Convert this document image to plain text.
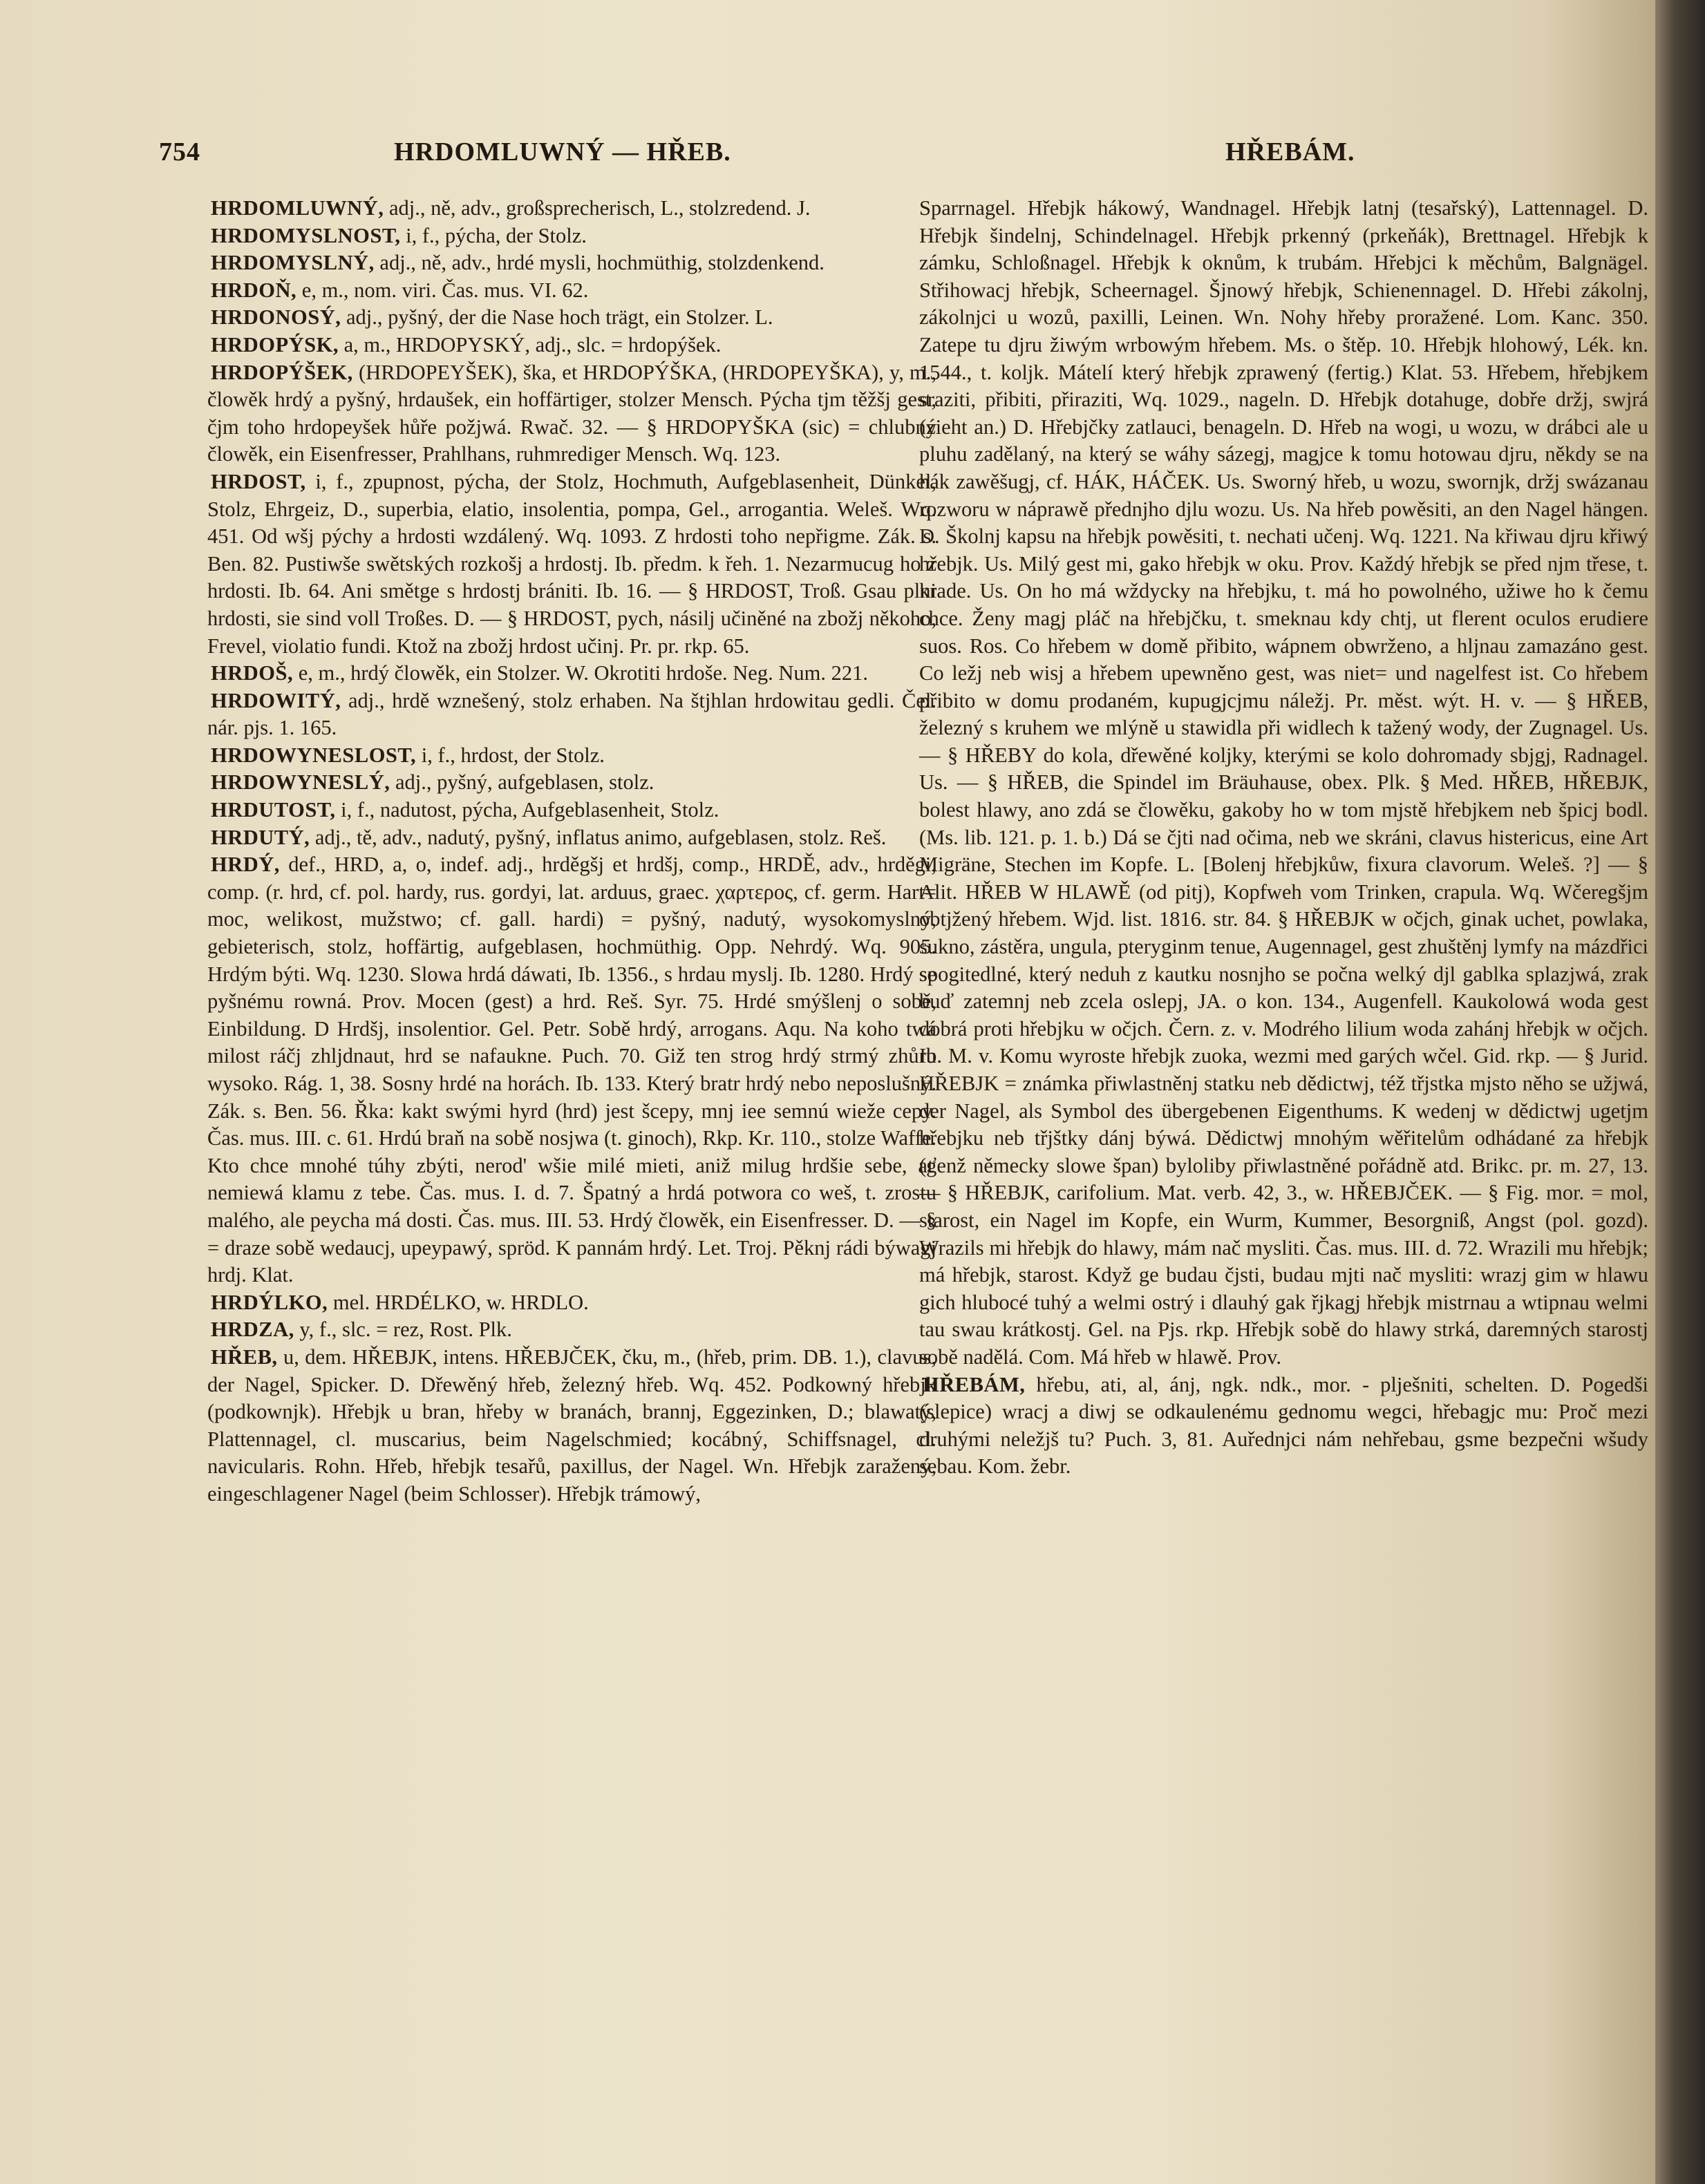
754	HRDOMLUWNÝ — HŘEB.	HŘEBÁM.
HRDOMLUWNÝ, adj., ně, adv., großsprecherisch, L., stolzredend. J.
HRDOMYSLNOST, i, f., pýcha, der Stolz.
HRDOMYSLNÝ, adj., ně, adv., hrdé mysli, hochmüthig, stolzdenkend.
HRDOŇ, e, m., nom. viri. Čas. mus. VI. 62.
HRDONOSÝ, adj., pyšný, der die Nase hoch trägt, ein Stolzer. L.
HRDOPÝSK, a, m., HRDOPYSKÝ, adj., slc. = hrdopýšek.
HRDOPÝŠEK, (HRDOPEYŠEK), ška, et HRDOPÝŠKA, (HRDOPEYŠKA), y, m., člowěk hrdý a pyšný, hrdaušek, ein hoffärtiger, stolzer Mensch. Pýcha tjm těžšj gest, čjm toho hrdopeyšek hůře požjwá. Rwač. 32. — § HRDOPYŠKA (sic) = chlubný člowěk, ein Eisenfresser, Prahlhans, ruhmrediger Mensch. Wq. 123.
HRDOST, i, f., zpupnost, pýcha, der Stolz, Hochmuth, Aufgeblasenheit, Dünkel, Stolz, Ehrgeiz, D., superbia, elatio, insolentia, pompa, Gel., arrogantia. Weleš. Wq. 451. Od wšj pýchy a hrdosti wzdálený. Wq. 1093. Z hrdosti toho nepřigme. Zák. s. Ben. 82. Pustiwše swětských rozkošj a hrdostj. Ib. předm. k řeh. 1. Nezarmucug ho z hrdosti. Ib. 64. Ani smětge s hrdostj brániti. Ib. 16. — § HRDOST, Troß. Gsau plni hrdosti, sie sind voll Troßes. D. — § HRDOST, pych, násilj učiněné na zbožj někoho, Frevel, violatio fundi. Ktož na zbožj hrdost učinj. Pr. pr. rkp. 65.
HRDOŠ, e, m., hrdý člowěk, ein Stolzer. W. Okrotiti hrdoše. Neg. Num. 221.
HRDOWITÝ, adj., hrdě wznešený, stolz erhaben. Na štjhlan hrdowitau gedli. Čel. nár. pjs. 1. 165.
HRDOWYNESLOST, i, f., hrdost, der Stolz.
HRDOWYNESLÝ, adj., pyšný, aufgeblasen, stolz.
HRDUTOST, i, f., nadutost, pýcha, Aufgeblasenheit, Stolz.
HRDUTÝ, adj., tě, adv., nadutý, pyšný, inflatus animo, aufgeblasen, stolz. Reš.
HRDÝ, def., HRD, a, o, indef. adj., hrděgšj et hrdšj, comp., HRDĚ, adv., hrděgi, comp. (r. hrd, cf. pol. hardy, rus. gordyi, lat. arduus, graec. χαρτερος, cf. germ. Hart= moc, welikost, mužstwo; cf. gall. hardi) = pyšný, nadutý, wysokomyslný, gebieterisch, stolz, hoffärtig, aufgeblasen, hochmüthig. Opp. Nehrdý. Wq. 905. Hrdým býti. Wq. 1230. Slowa hrdá dáwati, Ib. 1356., s hrdau myslj. Ib. 1280. Hrdý se pyšnému rowná. Prov. Mocen (gest) a hrd. Reš. Syr. 75. Hrdé smýšlenj o sobě, Einbildung. D Hrdšj, insolentior. Gel. Petr. Sobě hrdý, arrogans. Aqu. Na koho twá milost ráčj zhljdnaut, hrd se nafaukne. Puch. 70. Giž ten strog hrdý strmý zhůru wysoko. Rág. 1, 38. Sosny hrdé na horách. Ib. 133. Který bratr hrdý nebo neposlušný. Zák. s. Ben. 56. Řka: kakt swými hyrd (hrd) jest šcepy, mnj iee semnú wieže cepy. Čas. mus. III. c. 61. Hrdú braň na sobě nosjwa (t. ginoch), Rkp. Kr. 110., stolze Waffe. Kto chce mnohé túhy zbýti, nerod' wšie milé mieti, aniž milug hrdšie sebe, ať nemiewá klamu z tebe. Čas. mus. I. d. 7. Špatný a hrdá potwora co weš, t. zrostu malého, ale peycha má dosti. Čas. mus. III. 53. Hrdý člowěk, ein Eisenfresser. D. — § = draze sobě wedaucj, upeypawý, spröd. K pannám hrdý. Let. Troj. Pěknj rádi býwagj hrdj. Klat.
HRDÝLKO, mel. HRDÉLKO, w. HRDLO.
HRDZA, y, f., slc. = rez, Rost. Plk.
HŘEB, u, dem. HŘEBJK, intens. HŘEBJČEK, čku, m., (hřeb, prim. DB. 1.), clavus, der Nagel, Spicker. D. Dřewěný hřeb, železný hřeb. Wq. 452. Podkowný hřebjk (podkownjk). Hřebjk u bran, hřeby w branách, brannj, Eggezinken, D.; blawatý, Plattennagel, cl. muscarius, beim Nagelschmied; kocábný, Schiffsnagel, cl. navicularis. Rohn. Hřeb, hřebjk tesařů, paxillus, der Nagel. Wn. Hřebjk zaražený, eingeschlagener Nagel (beim Schlosser). Hřebjk trámowý,
Sparrnagel. Hřebjk hákowý, Wandnagel. Hřebjk latnj (tesařský), Lattennagel. D. Hřebjk šindelnj, Schindelnagel. Hřebjk prkenný (prkeňák), Brettnagel. Hřebjk k zámku, Schloßnagel. Hřebjk k oknům, k trubám. Hřebjci k měchům, Balgnägel. Střihowacj hřebjk, Scheernagel. Šjnowý hřebjk, Schienennagel. D. Hřebi zákolnj, zákolnjci u wozů, paxilli, Leinen. Wn. Nohy hřeby proražené. Lom. Kanc. 350. Zatepe tu djru žiwým wrbowým hřebem. Ms. o štěp. 10. Hřebjk hlohowý, Lék. kn. 1544., t. koljk. Mátelí který hřebjk zprawený (fertig.) Klat. 53. Hřebem, hřebjkem sraziti, přibiti, přiraziti, Wq. 1029., nageln. D. Hřebjk dotahuge, dobře držj, swjrá (zieht an.) D. Hřebjčky zatlauci, benageln. D. Hřeb na wogi, u wozu, w drábci ale u pluhu zadělaný, na který se wáhy sázegj, magjce k tomu hotowau djru, někdy se na hák zawěšugj, cf. HÁK, HÁČEK. Us. Sworný hřeb, u wozu, swornjk, držj swázanau rozworu w náprawě přednjho djlu wozu. Us. Na hřeb powěsiti, an den Nagel hängen. D. Školnj kapsu na hřebjk powěsiti, t. nechati učenj. Wq. 1221. Na křiwau djru křiwý hřebjk. Us. Milý gest mi, gako hřebjk w oku. Prov. Každý hřebjk se před njm třese, t. krade. Us. On ho má wždycky na hřebjku, t. má ho powolného, užiwe ho k čemu chce. Ženy magj pláč na hřebjčku, t. smeknau kdy chtj, ut flerent oculos erudiere suos. Ros. Co hřebem w domě přibito, wápnem obwrženo, a hljnau zamazáno gest. Co ležj neb wisj a hřebem upewněno gest, was niet= und nagelfest ist. Co hřebem přibito w domu prodaném, kupugjcjmu náležj. Pr. měst. wýt. H. v. — § HŘEB, železný s kruhem we mlýně u stawidla při widlech k tažený wody, der Zugnagel. Us. — § HŘEBY do kola, dřewěné koljky, kterými se kolo dohromady sbjgj, Radnagel. Us. — § HŘEB, die Spindel im Bräuhause, obex. Plk. § Med. HŘEB, HŘEBJK, bolest hlawy, ano zdá se člowěku, gakoby ho w tom mjstě hřebjkem neb špicj bodl. (Ms. lib. 121. p. 1. b.) Dá se čjti nad očima, neb we skráni, clavus histericus, eine Art Migräne, Stechen im Kopfe. L. [Bolenj hřebjkůw, fixura clavorum. Weleš. ?] — § Alit. HŘEB W HLAWĚ (od pitj), Kopfweh vom Trinken, crapula. Wq. Wčeregšjm obtjžený hřebem. Wjd. list. 1816. str. 84. § HŘEBJK w očjch, ginak uchet, powlaka, sukno, zástěra, ungula, pteryginm tenue, Augennagel, gest zhuštěnj lymfy na mázdřici spogitedlné, který neduh z kautku nosnjho se počna welký djl gablka splazjwá, zrak buď zatemnj neb zcela oslepj, JA. o kon. 134., Augenfell. Kaukolowá woda gest dobrá proti hřebjku w očjch. Čern. z. v. Modrého lilium woda zahánj hřebjk w očjch. Ib. M. v. Komu wyroste hřebjk zuoka, wezmi med garých wčel. Gid. rkp. — § Jurid. HŘEBJK = známka přiwlastněnj statku neb dědictwj, též třjstka mjsto něho se užjwá, der Nagel, als Symbol des übergebenen Eigenthums. K wedenj w dědictwj ugetjm hřebjku neb třjštky dánj býwá. Dědictwj mnohým wěřitelům odhádané za hřebjk (genž německy slowe špan) byloliby přiwlastněné pořádně atd. Brikc. pr. m. 27, 13. — § HŘEBJK, carifolium. Mat. verb. 42, 3., w. HŘEBJČEK. — § Fig. mor. = mol, starost, ein Nagel im Kopfe, ein Wurm, Kummer, Besorgniß, Angst (pol. gozd). Wrazils mi hřebjk do hlawy, mám nač mysliti. Čas. mus. III. d. 72. Wrazili mu hřebjk; má hřebjk, starost. Když ge budau čjsti, budau mjti nač mysliti: wrazj gim w hlawu gich hlubocé tuhý a welmi ostrý i dlauhý gak řjkagj hřebjk mistrnau a wtipnau welmi tau swau krátkostj. Gel. na Pjs. rkp. Hřebjk sobě do hlawy strká, daremných starostj sobě nadělá. Com. Má hřeb w hlawě. Prov.
HŘEBÁM, hřebu, ati, al, ánj, ngk. ndk., mor. - plješniti, schelten. D. Pogedši (slepice) wracj a diwj se odkaulenému gednomu wegci, hřebagjc mu: Proč mezi druhými neležjš tu? Puch. 3, 81. Auřednjci nám nehřebau, gsme bezpečni wšudy sebau. Kom. žebr.
